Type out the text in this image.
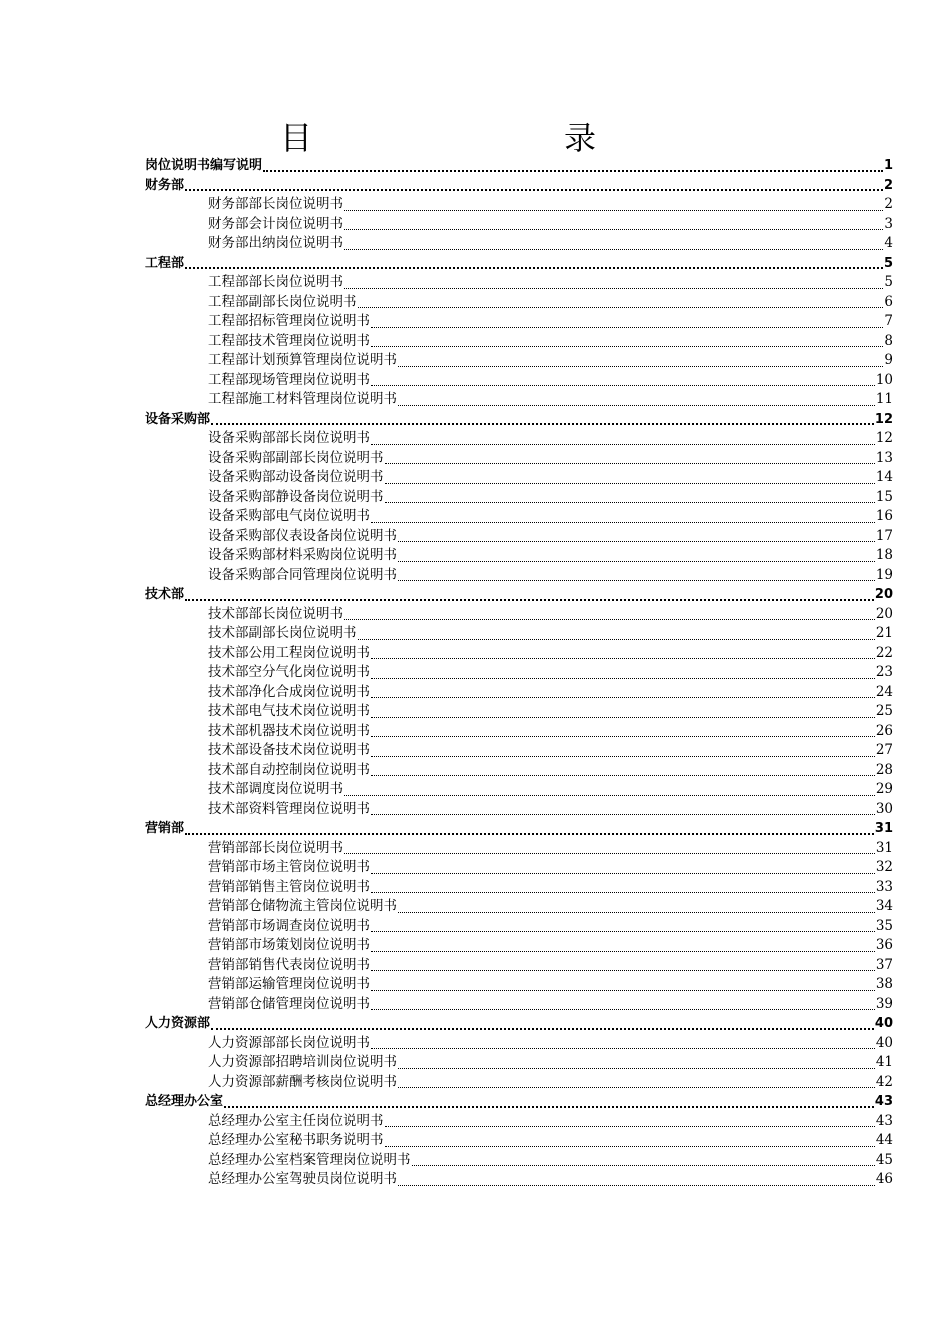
目　录
岗位说明书编写说明	1
财务部	2
财务部部长岗位说明书	2
财务部会计岗位说明书	3
财务部出纳岗位说明书	4
工程部	5
工程部部长岗位说明书	5
工程部副部长岗位说明书	6
工程部招标管理岗位说明书	7
工程部技术管理岗位说明书	8
工程部计划预算管理岗位说明书	9
工程部现场管理岗位说明书	10
工程部施工材料管理岗位说明书	11
设备采购部	12
设备采购部部长岗位说明书	12
设备采购部副部长岗位说明书	13
设备采购部动设备岗位说明书	14
设备采购部静设备岗位说明书	15
设备采购部电气岗位说明书	16
设备采购部仪表设备岗位说明书	17
设备采购部材料采购岗位说明书	18
设备采购部合同管理岗位说明书	19
技术部	20
技术部部长岗位说明书	20
技术部副部长岗位说明书	21
技术部公用工程岗位说明书	22
技术部空分气化岗位说明书	23
技术部净化合成岗位说明书	24
技术部电气技术岗位说明书	25
技术部机器技术岗位说明书	26
技术部设备技术岗位说明书	27
技术部自动控制岗位说明书	28
技术部调度岗位说明书	29
技术部资料管理岗位说明书	30
营销部	31
营销部部长岗位说明书	31
营销部市场主管岗位说明书	32
营销部销售主管岗位说明书	33
营销部仓储物流主管岗位说明书	34
营销部市场调查岗位说明书	35
营销部市场策划岗位说明书	36
营销部销售代表岗位说明书	37
营销部运输管理岗位说明书	38
营销部仓储管理岗位说明书	39
人力资源部	40
人力资源部部长岗位说明书	40
人力资源部招聘培训岗位说明书	41
人力资源部薪酬考核岗位说明书	42
总经理办公室	43
总经理办公室主任岗位说明书	43
总经理办公室秘书职务说明书	44
总经理办公室档案管理岗位说明书	45
总经理办公室驾驶员岗位说明书	46
